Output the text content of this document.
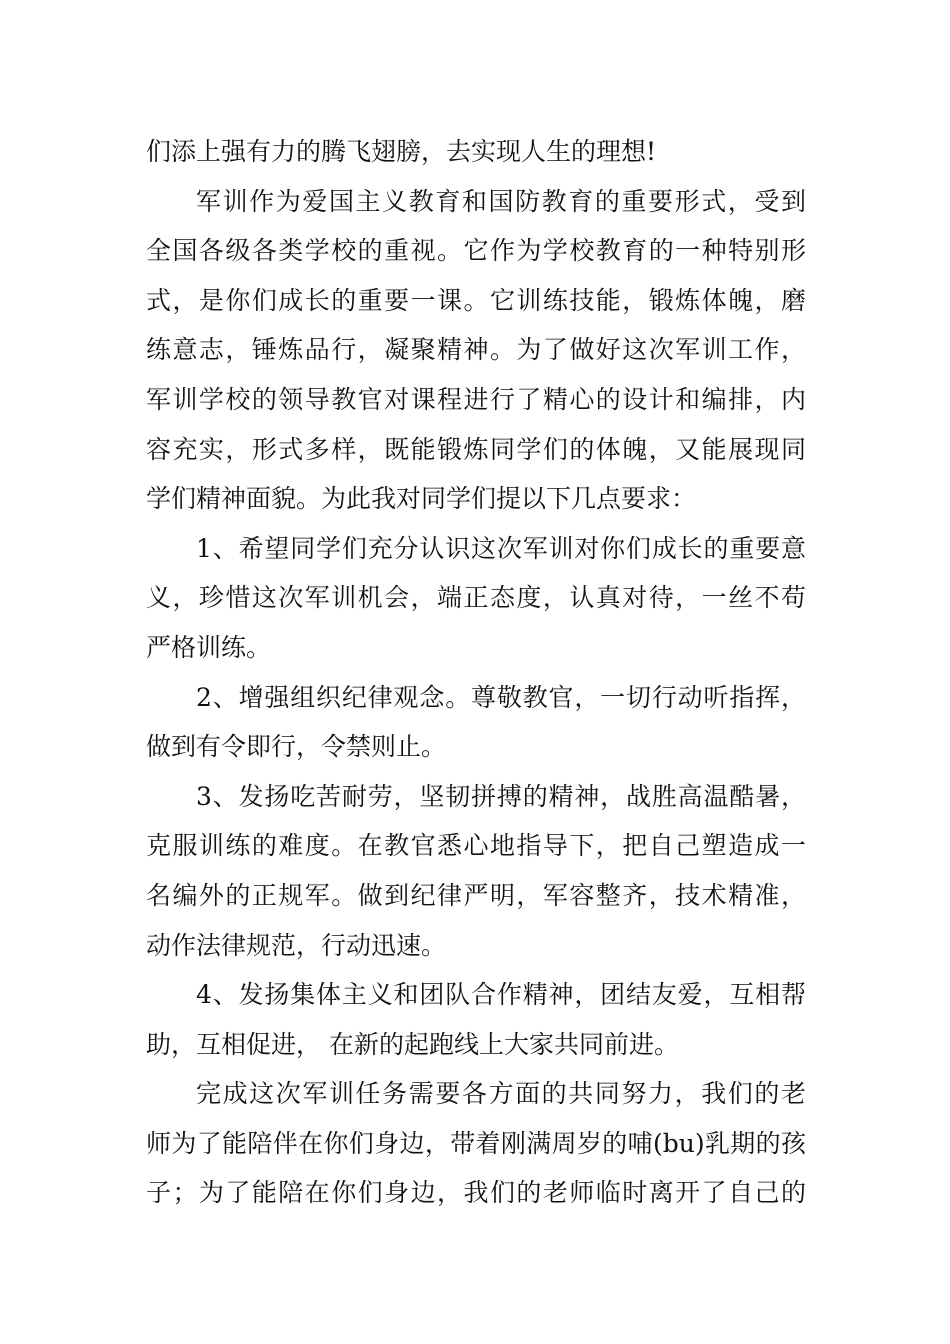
们添上强有力的腾飞翅膀，去实现人生的理想!
军训作为爱国主义教育和国防教育的重要形式，受到
全国各级各类学校的重视。它作为学校教育的一种特别形
式，是你们成长的重要一课。它训练技能，锻炼体魄，磨
练意志，锤炼品行，凝聚精神。为了做好这次军训工作，
军训学校的领导教官对课程进行了精心的设计和编排，内
容充实，形式多样，既能锻炼同学们的体魄，又能展现同
学们精神面貌。为此我对同学们提以下几点要求：
1、希望同学们充分认识这次军训对你们成长的重要意
义，珍惜这次军训机会，端正态度，认真对待，一丝不苟
严格训练。
2、增强组织纪律观念。尊敬教官，一切行动听指挥，
做到有令即行，令禁则止。
3、发扬吃苦耐劳，坚韧拼搏的精神，战胜高温酷暑，
克服训练的难度。在教官悉心地指导下，把自己塑造成一
名编外的正规军。做到纪律严明，军容整齐，技术精准，
动作法律规范，行动迅速。
4、发扬集体主义和团队合作精神，团结友爱，互相帮
助，互相促进， 在新的起跑线上大家共同前进。
完成这次军训任务需要各方面的共同努力，我们的老
师为了能陪伴在你们身边，带着刚满周岁的哺(bu)乳期的孩
子；为了能陪在你们身边，我们的老师临时离开了自己的
